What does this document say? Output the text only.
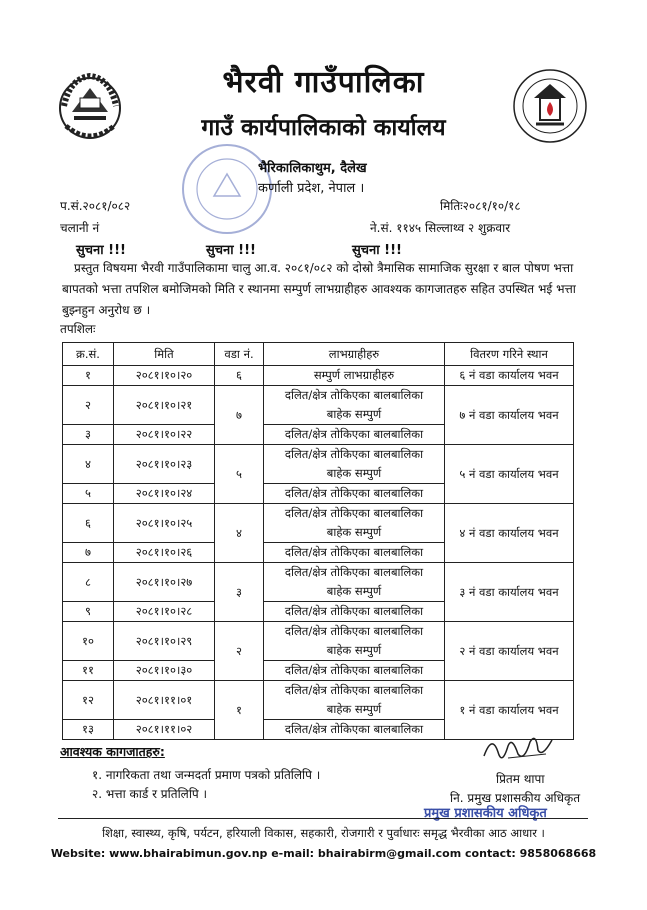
भैरवी गाउँपालिका
गाउँ कार्यपालिकाको कार्यालय
भैरिकालिकाथुम, दैलेख
कर्णाली प्रदेश, नेपाल ।
प.सं.२०८१/०८२	मितिः२०८१/१०/१८
चलानी नं	ने.सं. ११४५ सिल्लाथ्व २ शुक्रवार
सुचना !!!	सुचना !!!	सुचना !!!
प्रस्तुत विषयमा भैरवी गाउँपालिकामा चालु आ.व. २०८१/०८२ को दोस्रो त्रैमासिक सामाजिक सुरक्षा र बाल पोषण भत्ता बापतको भत्ता तपशिल बमोजिमको मिति र स्थानमा सम्पुर्ण लाभग्राहीहरु आवश्यक कागजातहरु सहित उपस्थित भई भत्ता बुझ्नहुन अनुरोध छ ।
तपशिलः
क्र.सं.	मिति	वडा नं.	लाभग्राहीहरु	वितरण गरिने स्थान
१	२०८१।१०।२०	६	सम्पुर्ण लाभग्राहीहरु	६ नं वडा कार्यालय भवन
२	२०८१।१०।२१	७	दलित/क्षेत्र तोकिएका बालबालिका
बाहेक सम्पुर्ण	७ नं वडा कार्यालय भवन

३	२०८१।१०।२२		दलित/क्षेत्र तोकिएका बालबालिका	
४	२०८१।१०।२३	५	दलित/क्षेत्र तोकिएका बालबालिका
बाहेक सम्पुर्ण	५ नं वडा कार्यालय भवन

५	२०८१।१०।२४		दलित/क्षेत्र तोकिएका बालबालिका	
६	२०८१।१०।२५	४	दलित/क्षेत्र तोकिएका बालबालिका
बाहेक सम्पुर्ण	४ नं वडा कार्यालय भवन

७	२०८१।१०।२६		दलित/क्षेत्र तोकिएका बालबालिका	
८	२०८१।१०।२७	३	दलित/क्षेत्र तोकिएका बालबालिका
बाहेक सम्पुर्ण	३ नं वडा कार्यालय भवन

९	२०८१।१०।२८		दलित/क्षेत्र तोकिएका बालबालिका	
१०	२०८१।१०।२९	२	दलित/क्षेत्र तोकिएका बालबालिका
बाहेक सम्पुर्ण	२ नं वडा कार्यालय भवन

११	२०८१।१०।३०		दलित/क्षेत्र तोकिएका बालबालिका	
१२	२०८१।११।०१	१	दलित/क्षेत्र तोकिएका बालबालिका
बाहेक सम्पुर्ण	१ नं वडा कार्यालय भवन

१३	२०८१।११।०२		दलित/क्षेत्र तोकिएका बालबालिका	
आवश्यक कागजातहरु:
१. नागरिकता तथा जन्मदर्ता प्रमाण पत्रको प्रतिलिपि ।
२. भत्ता कार्ड र प्रतिलिपि ।
प्रितम थापा
नि. प्रमुख प्रशासकीय अधिकृत
प्रमुख प्रशासकीय अधिकृत
शिक्षा, स्वास्थ्य, कृषि, पर्यटन, हरियाली विकास, सहकारी, रोजगारी र पुर्वाधारः समृद्ध भैरवीका आठ आधार ।
Website: www.bhairabimun.gov.np e-mail: bhairabirm@gmail.com contact: 9858068668
